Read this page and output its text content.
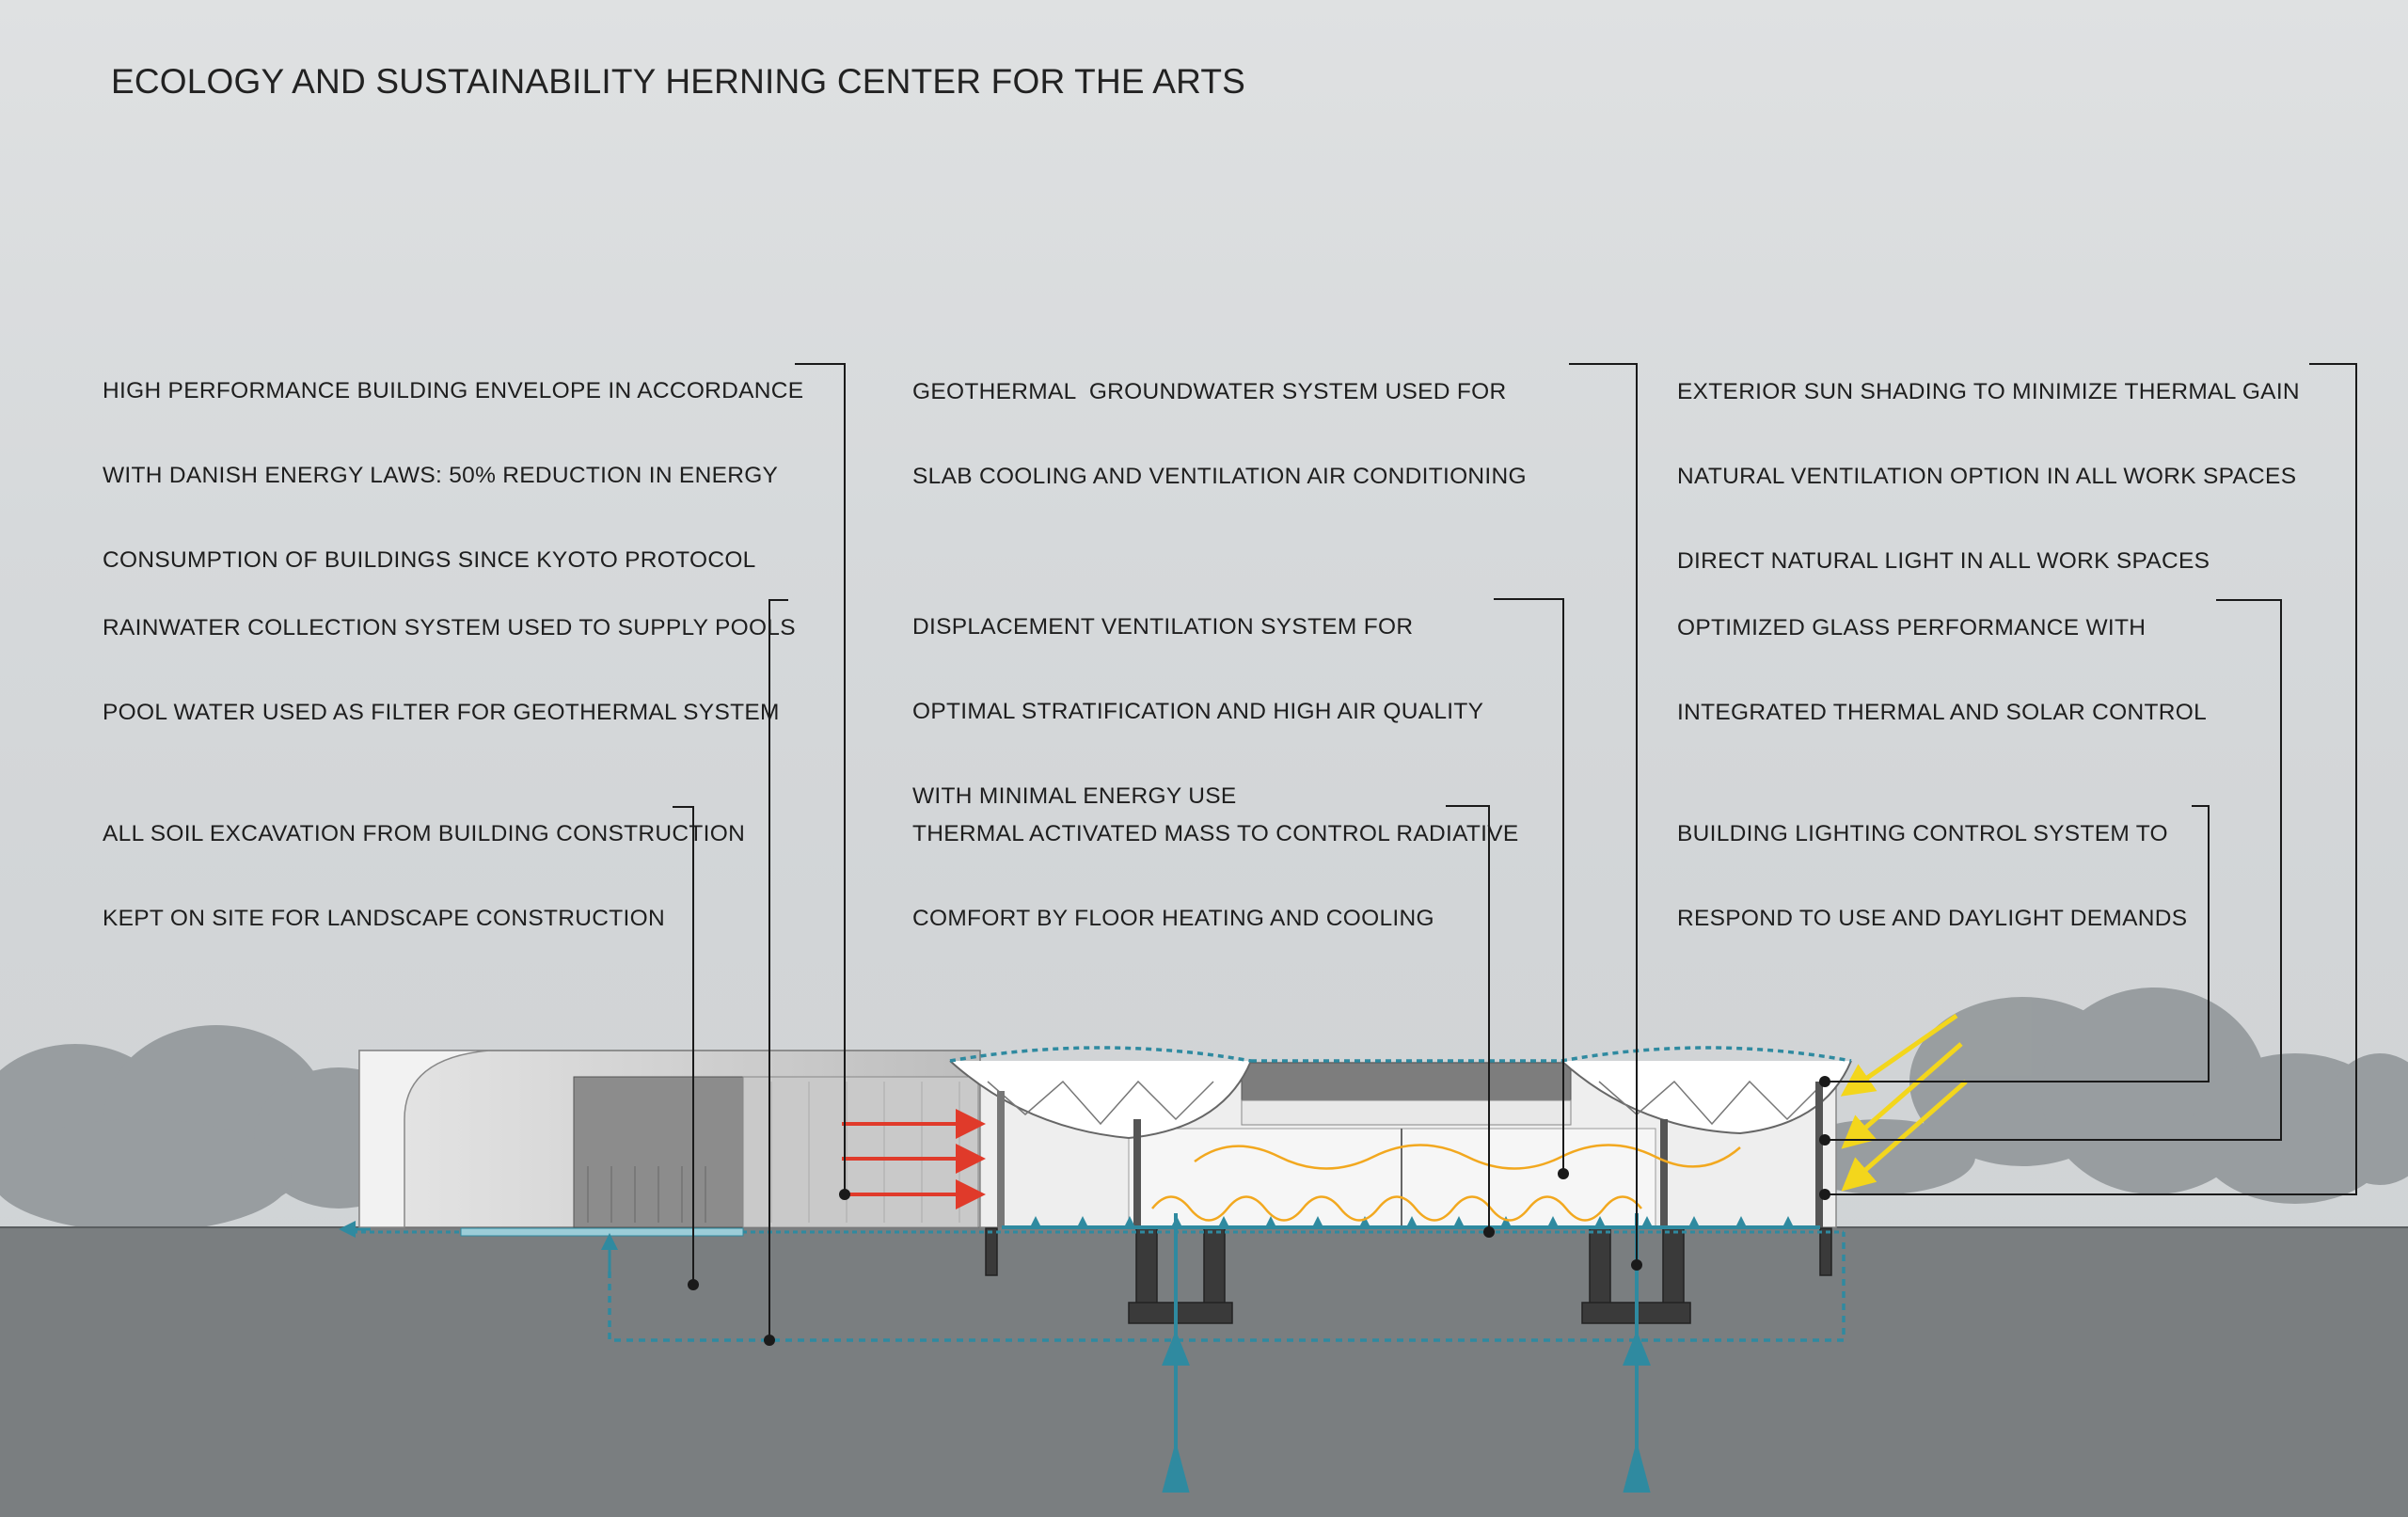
ECOLOGY AND SUSTAINABILITY HERNING CENTER FOR THE ARTS

HIGH PERFORMANCE BUILDING ENVELOPE IN ACCORDANCE

WITH DANISH ENERGY LAWS: 50% REDUCTION IN ENERGY

CONSUMPTION OF BUILDINGS SINCE KYOTO PROTOCOL

RAINWATER COLLECTION SYSTEM USED TO SUPPLY POOLS

POOL WATER USED AS FILTER FOR GEOTHERMAL SYSTEM

ALL SOIL EXCAVATION FROM BUILDING CONSTRUCTION

KEPT ON SITE FOR LANDSCAPE CONSTRUCTION

GEOTHERMAL  GROUNDWATER SYSTEM USED FOR

SLAB COOLING AND VENTILATION AIR CONDITIONING

DISPLACEMENT VENTILATION SYSTEM FOR

OPTIMAL STRATIFICATION AND HIGH AIR QUALITY

WITH MINIMAL ENERGY USE

THERMAL ACTIVATED MASS TO CONTROL RADIATIVE

COMFORT BY FLOOR HEATING AND COOLING

EXTERIOR SUN SHADING TO MINIMIZE THERMAL GAIN

NATURAL VENTILATION OPTION IN ALL WORK SPACES

DIRECT NATURAL LIGHT IN ALL WORK SPACES

OPTIMIZED GLASS PERFORMANCE WITH

INTEGRATED THERMAL AND SOLAR CONTROL

BUILDING LIGHTING CONTROL SYSTEM TO

RESPOND TO USE AND DAYLIGHT DEMANDS
